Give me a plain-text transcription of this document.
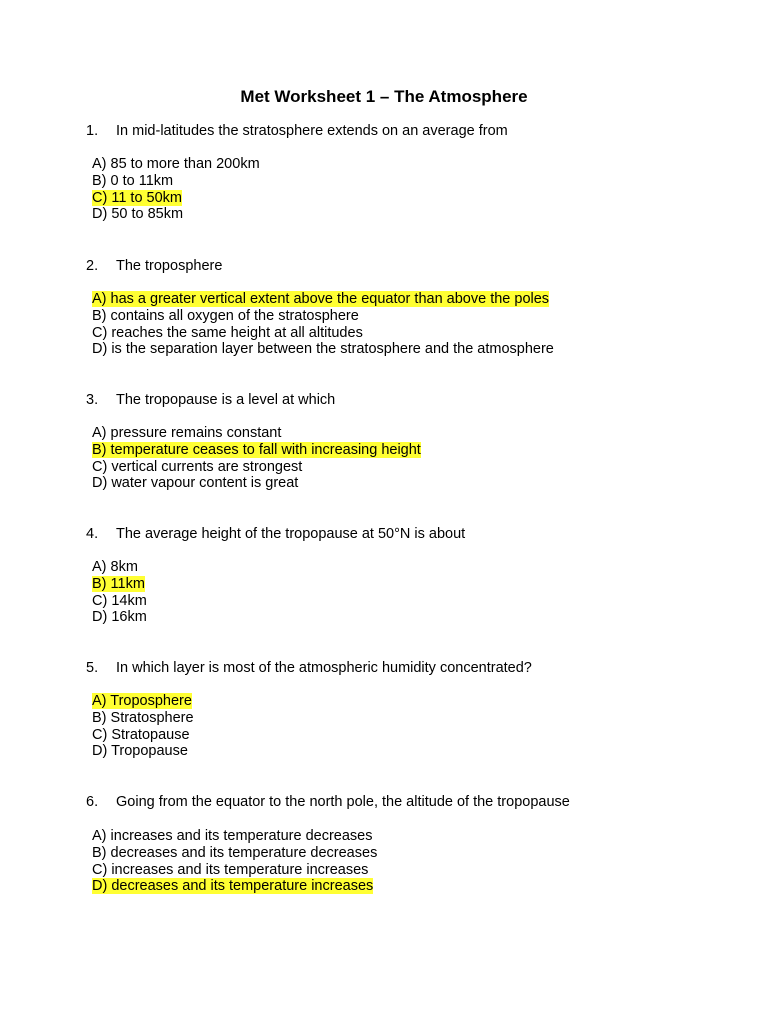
Met Worksheet 1 – The Atmosphere
1. In mid-latitudes the stratosphere extends on an average from
A) 85 to more than 200km
B) 0 to 11km
C) 11 to 50km
D) 50 to 85km
2. The troposphere
A) has a greater vertical extent above the equator than above the poles
B) contains all oxygen of the stratosphere
C) reaches the same height at all altitudes
D) is the separation layer between the stratosphere and the atmosphere
3. The tropopause is a level at which
A) pressure remains constant
B) temperature ceases to fall with increasing height
C) vertical currents are strongest
D) water vapour content is great
4. The average height of the tropopause at 50°N is about
A) 8km
B) 11km
C) 14km
D) 16km
5. In which layer is most of the atmospheric humidity concentrated?
A) Troposphere
B) Stratosphere
C) Stratopause
D) Tropopause
6. Going from the equator to the north pole, the altitude of the tropopause
A) increases and its temperature decreases
B) decreases and its temperature decreases
C) increases and its temperature increases
D) decreases and its temperature increases
